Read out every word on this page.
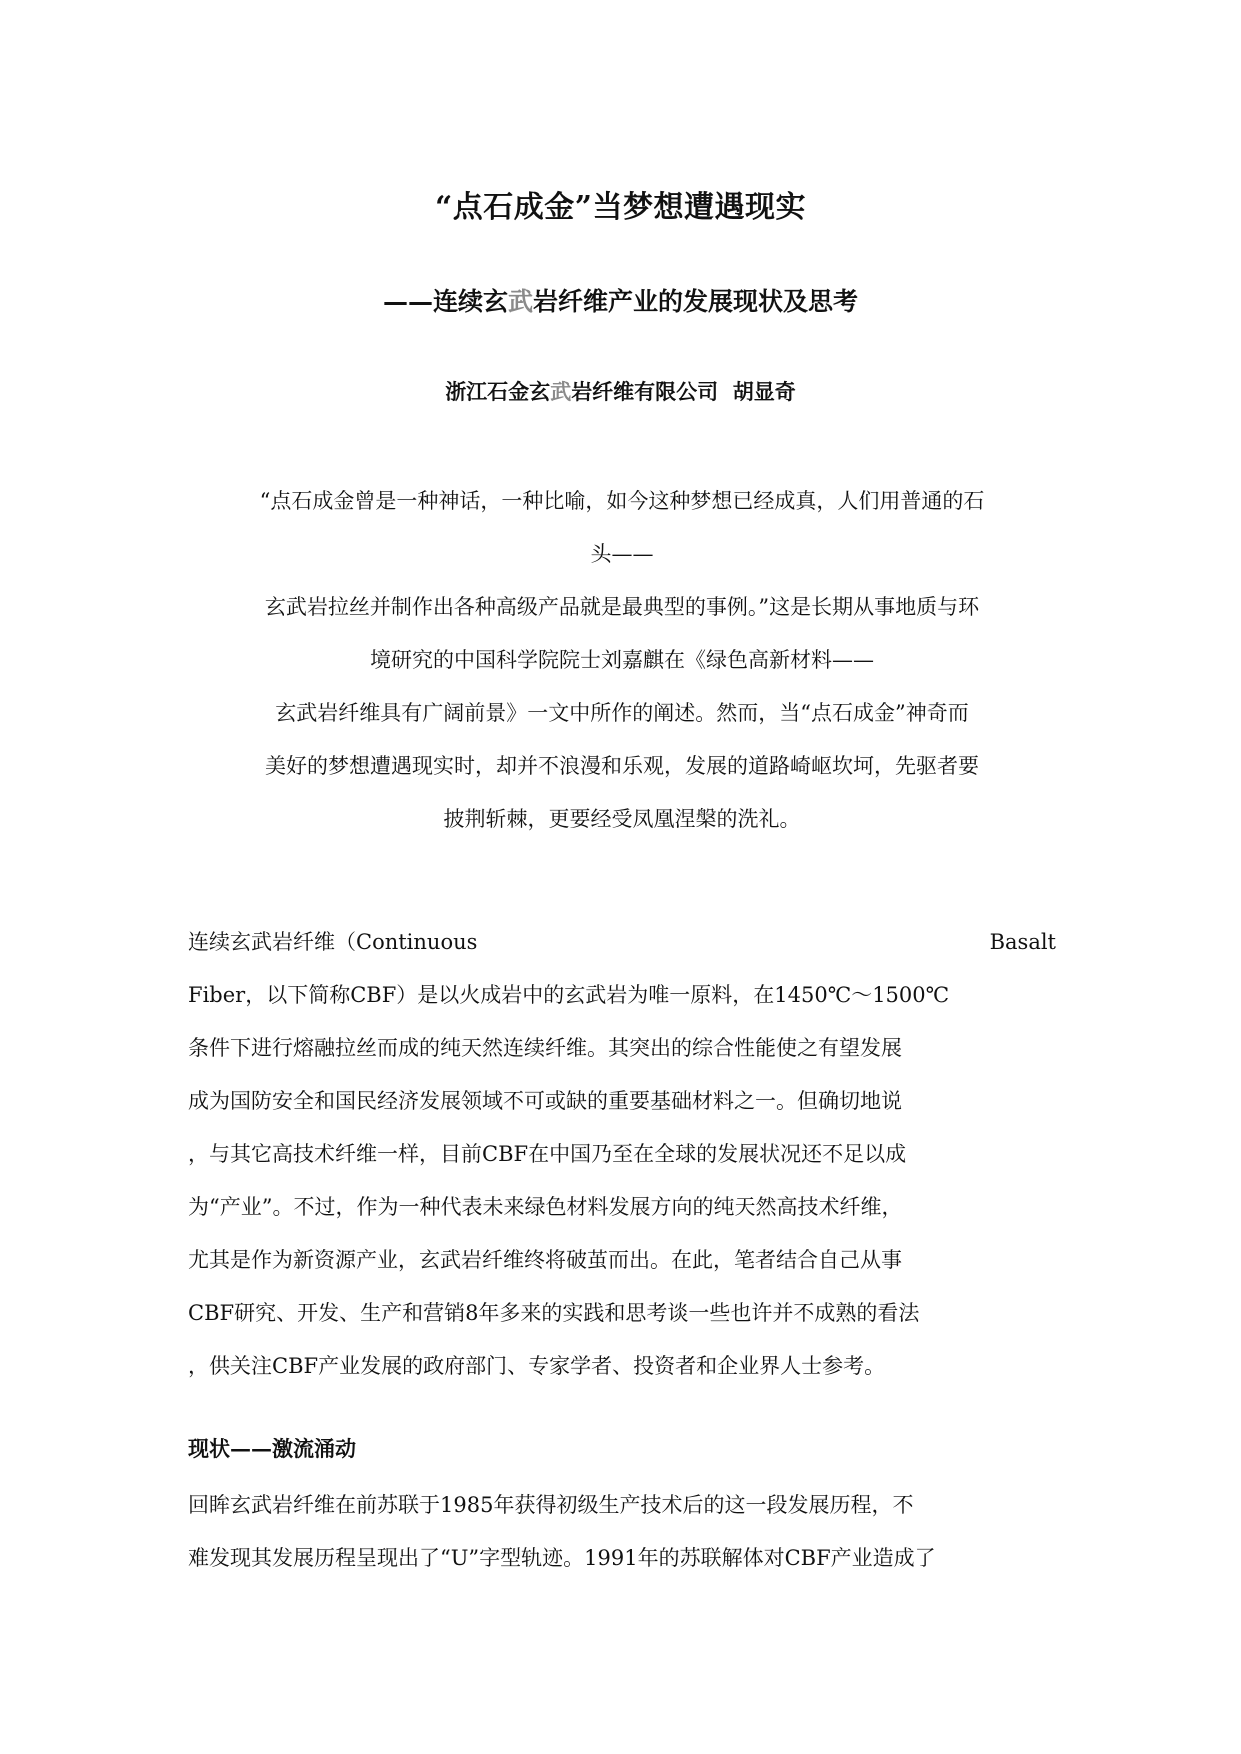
“点石成金”当梦想遭遇现实
——连续玄武岩纤维产业的发展现状及思考
浙江石金玄武岩纤维有限公司  胡显奇
“点石成金曾是一种神话，一种比喻，如今这种梦想已经成真，人们用普通的石
头——
玄武岩拉丝并制作出各种高级产品就是最典型的事例。”这是长期从事地质与环
境研究的中国科学院院士刘嘉麒在《绿色高新材料——
玄武岩纤维具有广阔前景》一文中所作的阐述。然而，当“点石成金”神奇而
美好的梦想遭遇现实时，却并不浪漫和乐观，发展的道路崎岖坎坷，先驱者要
披荆斩棘，更要经受凤凰涅槃的洗礼。
连续玄武岩纤维（Continuous	Basalt
Fiber，以下简称CBF）是以火成岩中的玄武岩为唯一原料，在1450℃～1500℃
条件下进行熔融拉丝而成的纯天然连续纤维。其突出的综合性能使之有望发展
成为国防安全和国民经济发展领域不可或缺的重要基础材料之一。但确切地说
，与其它高技术纤维一样，目前CBF在中国乃至在全球的发展状况还不足以成
为“产业”。不过，作为一种代表未来绿色材料发展方向的纯天然高技术纤维，
尤其是作为新资源产业，玄武岩纤维终将破茧而出。在此，笔者结合自己从事
CBF研究、开发、生产和营销8年多来的实践和思考谈一些也许并不成熟的看法
，供关注CBF产业发展的政府部门、专家学者、投资者和企业界人士参考。
现状——激流涌动
回眸玄武岩纤维在前苏联于1985年获得初级生产技术后的这一段发展历程，不
难发现其发展历程呈现出了“U”字型轨迹。1991年的苏联解体对CBF产业造成了
